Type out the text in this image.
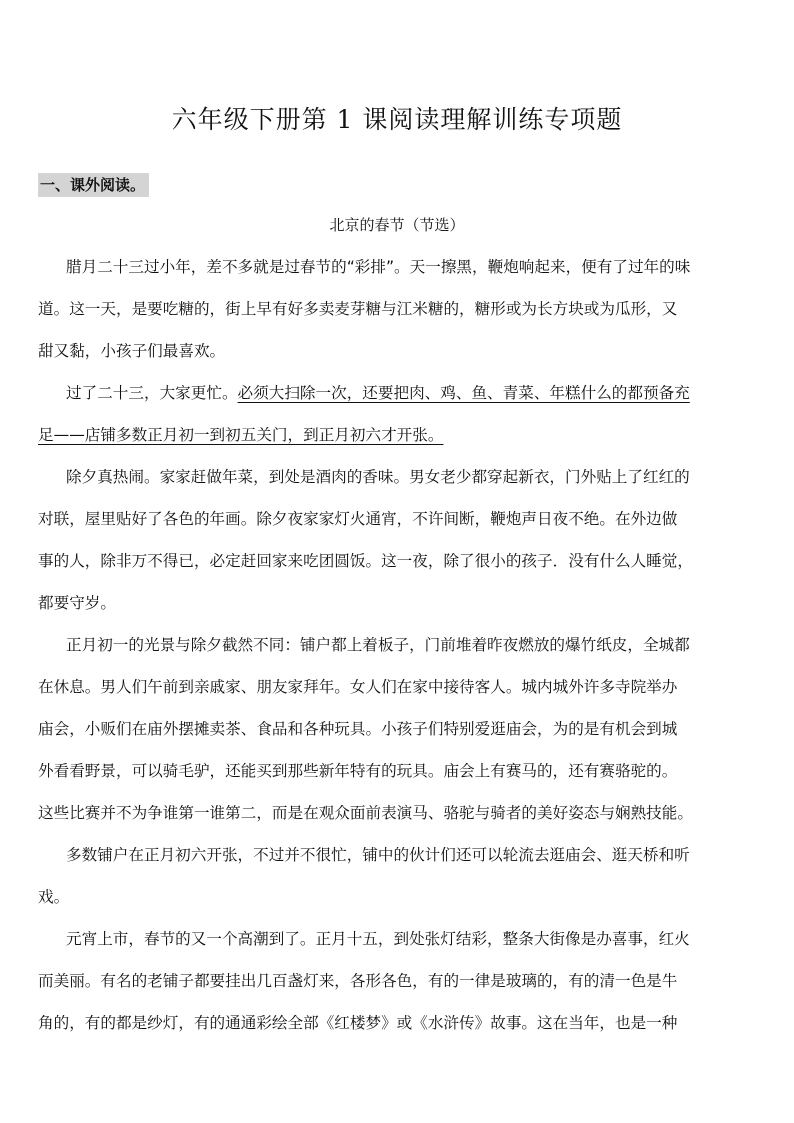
六年级下册第 1 课阅读理解训练专项题
一、课外阅读。
北京的春节（节选）
腊月二十三过小年，差不多就是过春节的“彩排”。天一擦黑，鞭炮响起来，便有了过年的味
道。这一天，是要吃糖的，街上早有好多卖麦芽糖与江米糖的，糖形或为长方块或为瓜形，又
甜又黏，小孩子们最喜欢。
过了二十三，大家更忙。必须大扫除一次，还要把肉、鸡、鱼、青菜、年糕什么的都预备充
足——店铺多数正月初一到初五关门，到正月初六才开张。
除夕真热闹。家家赶做年菜，到处是酒肉的香味。男女老少都穿起新衣，门外贴上了红红的
对联，屋里贴好了各色的年画。除夕夜家家灯火通宵，不许间断，鞭炮声日夜不绝。在外边做
事的人，除非万不得已，必定赶回家来吃团圆饭。这一夜，除了很小的孩子．没有什么人睡觉，
都要守岁。
正月初一的光景与除夕截然不同：铺户都上着板子，门前堆着昨夜燃放的爆竹纸皮，全城都
在休息。男人们午前到亲戚家、朋友家拜年。女人们在家中接待客人。城内城外许多寺院举办
庙会，小贩们在庙外摆摊卖茶、食品和各种玩具。小孩子们特别爱逛庙会，为的是有机会到城
外看看野景，可以骑毛驴，还能买到那些新年特有的玩具。庙会上有赛马的，还有赛骆驼的。
这些比赛并不为争谁第一谁第二，而是在观众面前表演马、骆驼与骑者的美好姿态与娴熟技能。
多数铺户在正月初六开张，不过并不很忙，铺中的伙计们还可以轮流去逛庙会、逛天桥和听
戏。
元宵上市，春节的又一个高潮到了。正月十五，到处张灯结彩，整条大街像是办喜事，红火
而美丽。有名的老铺子都要挂出几百盏灯来，各形各色，有的一律是玻璃的，有的清一色是牛
角的，有的都是纱灯，有的通通彩绘全部《红楼梦》或《水浒传》故事。这在当年，也是一种
